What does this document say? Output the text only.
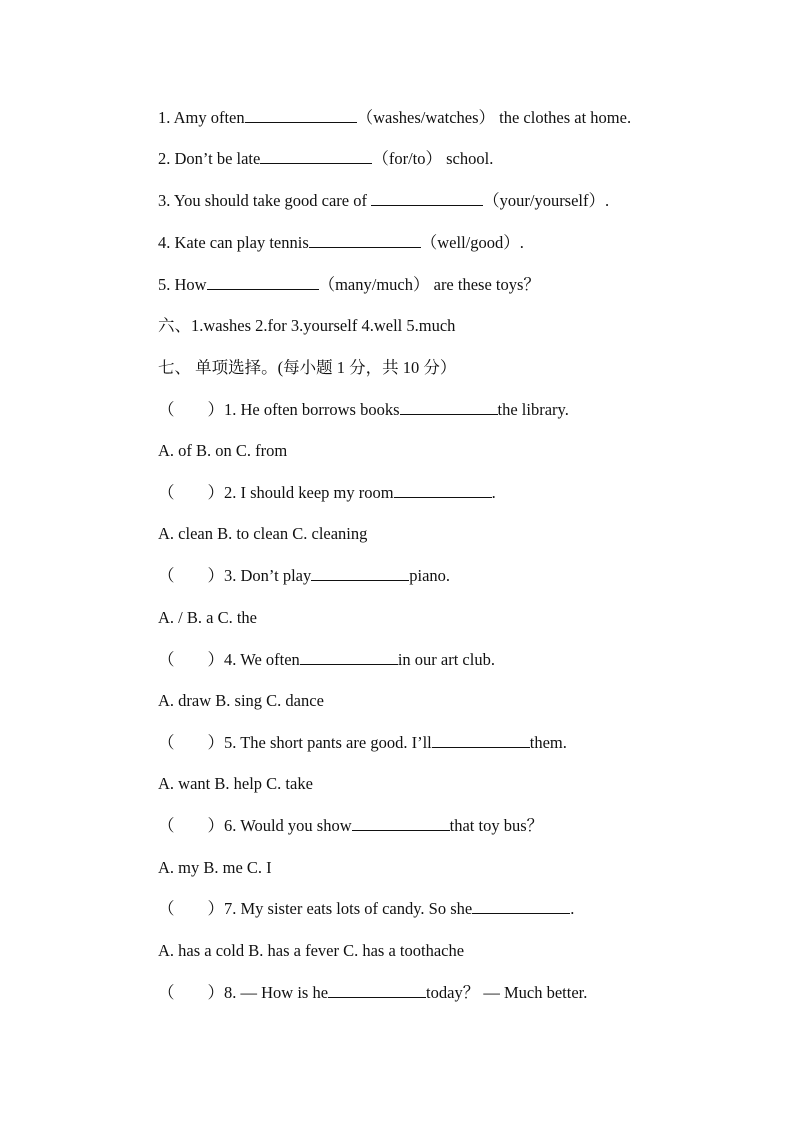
1. Amy often	（washes/watches） the clothes at home.

2. Don’t be late	（for/to） school.

3. You should take good care of	（your/yourself）.

4. Kate can play tennis	（well/good）.

5. How	（many/much） are these toys？

六、1.washes 2.for 3.yourself 4.well 5.much

七、 单项选择。(每小题 1 分，共 10 分）

（　　）1. He often borrows books	the library.

A. of B. on C. from

（　　）2. I should keep my room	.

A. clean B. to clean C. cleaning

（　　）3. Don’t play	piano.

A. / B. a C. the

（　　）4. We often	in our art club.

A. draw B. sing C. dance

（　　）5. The short pants are good. I’ll	them.

A. want B. help C. take

（　　）6. Would you show	that toy bus？

A. my B. me C. I

（　　）7. My sister eats lots of candy. So she	.

A. has a cold B. has a fever C. has a toothache

（　　）8. — How is he	today？ — Much better.
